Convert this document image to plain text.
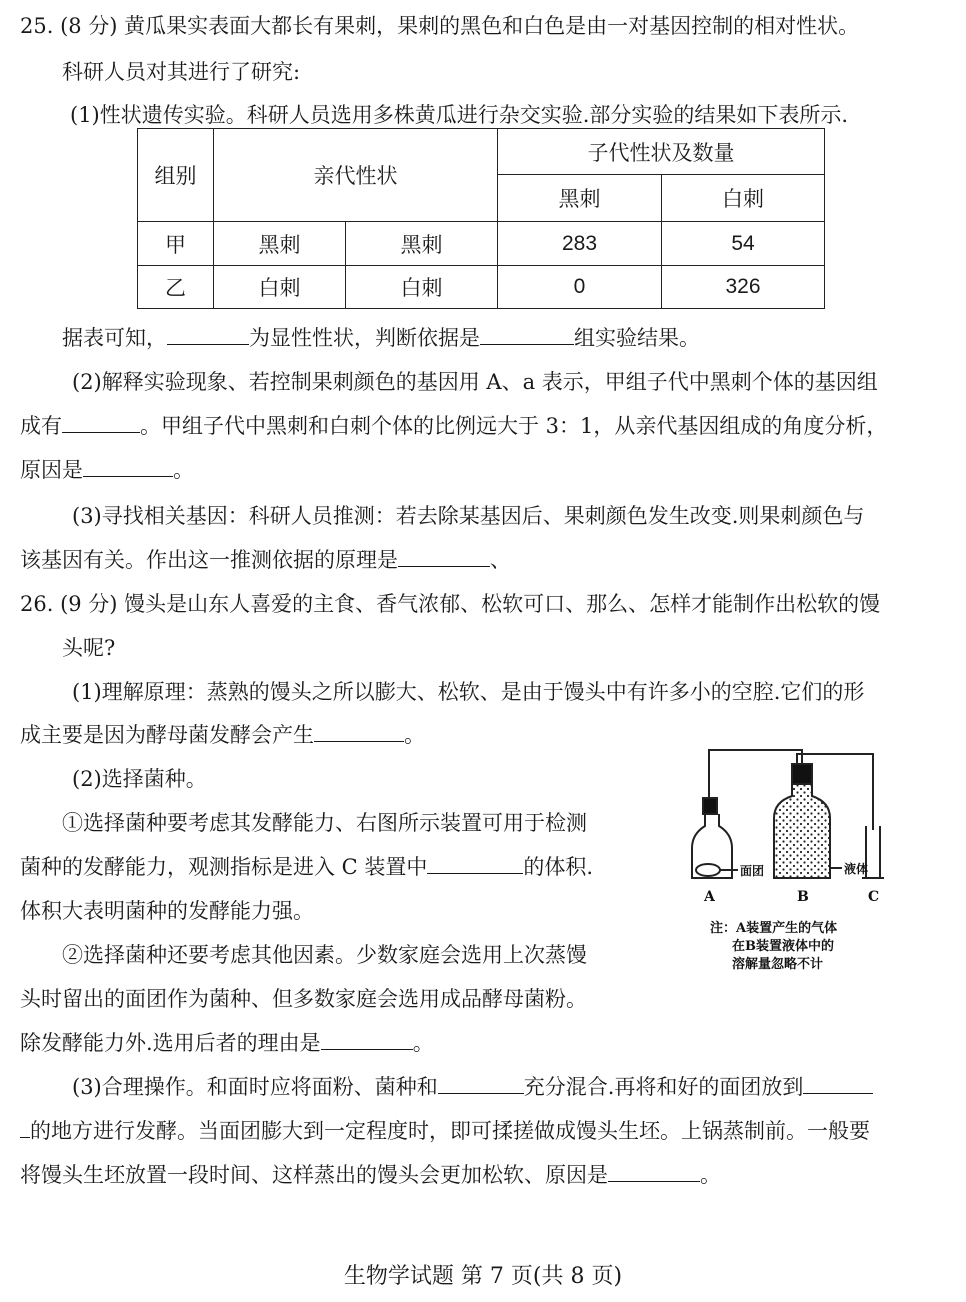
25. (8 分) 黄瓜果实表面大都长有果刺，果刺的黑色和白色是由一对基因控制的相对性状。
科研人员对其进行了研究:
(1)性状遗传实验。科研人员选用多株黄瓜进行杂交实验.部分实验的结果如下表所示.
组别	亲代性状		子代性状及数量	
			黑刺	白刺
甲	黑刺	黑刺	283	54
乙	白刺	白刺	0	326
据表可知，	为显性性状，判断依据是	组实验结果。
(2)解释实验现象、若控制果刺颜色的基因用 A、a 表示，甲组子代中黑刺个体的基因组
成有	。甲组子代中黑刺和白刺个体的比例远大于 3：1，从亲代基因组成的角度分析，
原因是	。
(3)寻找相关基因：科研人员推测：若去除某基因后、果刺颜色发生改变.则果刺颜色与
该基因有关。作出这一推测依据的原理是	、
26. (9 分) 馒头是山东人喜爱的主食、香气浓郁、松软可口、那么、怎样才能制作出松软的馒
头呢?
(1)理解原理：蒸熟的馒头之所以膨大、松软、是由于馒头中有许多小的空腔.它们的形
成主要是因为酵母菌发酵会产生	。
(2)选择菌种。
①选择菌种要考虑其发酵能力、右图所示装置可用于检测
菌种的发酵能力，观测指标是进入 C 装置中	的体积.
体积大表明菌种的发酵能力强。
②选择菌种还要考虑其他因素。少数家庭会选用上次蒸馒
头时留出的面团作为菌种、但多数家庭会选用成品酵母菌粉。
除发酵能力外.选用后者的理由是	。
(3)合理操作。和面时应将面粉、菌种和	充分混合.再将和好的面团放到
的地方进行发酵。当面团膨大到一定程度时，即可揉搓做成馒头生坯。上锅蒸制前。一般要
将馒头生坯放置一段时间、这样蒸出的馒头会更加松软、原因是	。
A	B	C
面团	液体
注：A装置产生的气体
在B装置液体中的
溶解量忽略不计
生物学试题 第 7 页(共 8 页)
